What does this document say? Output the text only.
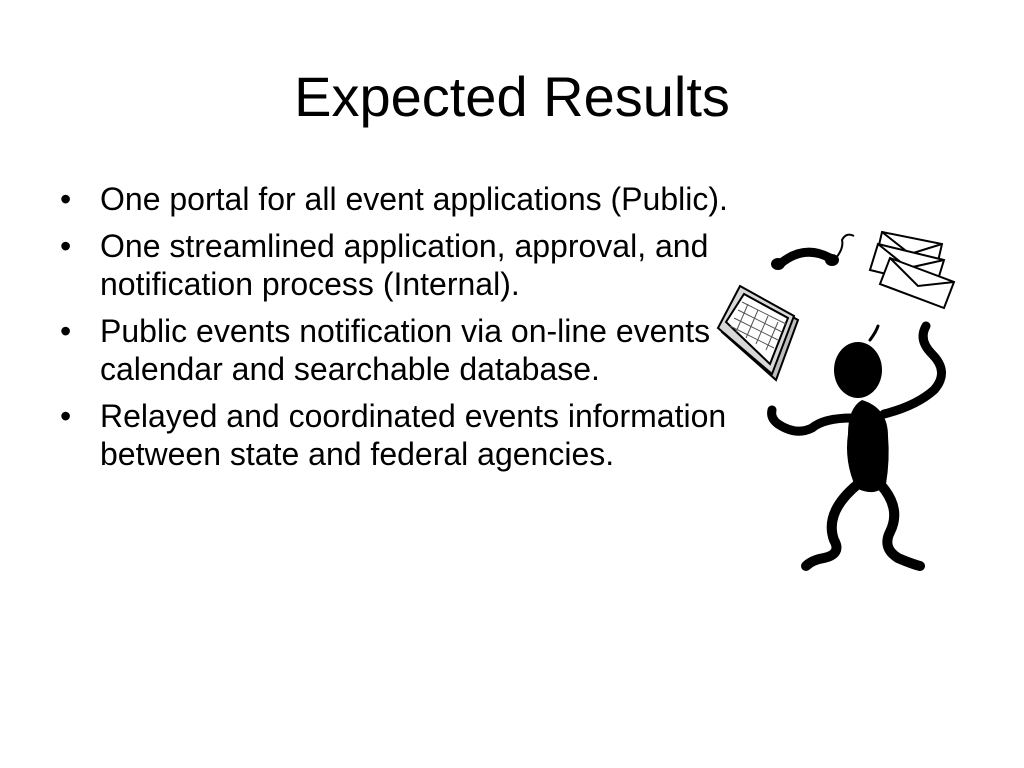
Expected Results
• One portal for all event applications (Public).
• One streamlined application, approval, and notification process (Internal).
• Public events notification via on-line events calendar and searchable database.
• Relayed and coordinated events information between state and federal agencies.
